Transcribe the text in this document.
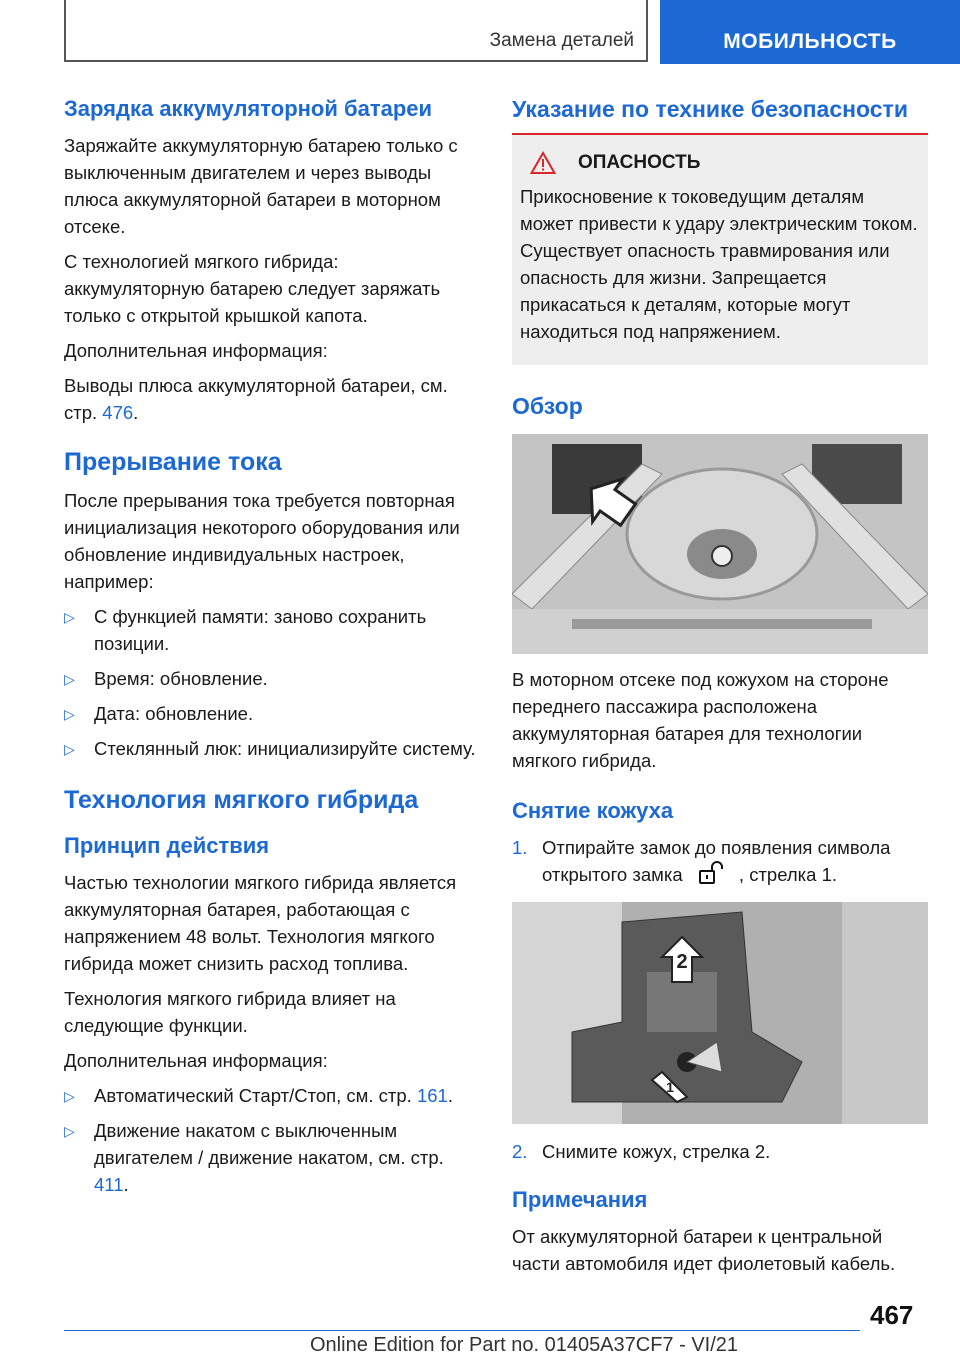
Замена деталей	МОБИЛЬНОСТЬ
Зарядка аккумуляторной батареи

Заряжайте аккумуляторную батарею только с выключенным двигателем и через выводы плюса аккумуляторной батареи в моторном отсеке.

С технологией мягкого гибрида: аккумуляторную батарею следует заряжать только с открытой крышкой капота.

Дополнительная информация:

Выводы плюса аккумуляторной батареи, см. стр. 476.

Прерывание тока

После прерывания тока требуется повторная инициализация некоторого оборудования или обновление индивидуальных настроек, например:

▷ С функцией памяти: заново сохранить позиции.
▷ Время: обновление.
▷ Дата: обновление.
▷ Стеклянный люк: инициализируйте систему.
Технология мягкого гибрида
Принцип действия

Частью технологии мягкого гибрида является аккумуляторная батарея, работающая с напряжением 48 вольт. Технология мягкого гибрида может снизить расход топлива.

Технология мягкого гибрида влияет на следующие функции.

Дополнительная информация:

▷ Автоматический Старт/Стоп, см. стр. 161.
▷ Движение накатом с выключенным двигателем / движение накатом, см. стр. 411.
Указание по технике безопасности
ОПАСНОСТЬ

Прикосновение к токоведущим деталям может привести к удару электрическим током. Существует опасность травмирования или опасность для жизни. Запрещается прикасаться к деталям, которые могут находиться под напряжением.

Обзор

В моторном отсеке под кожухом на стороне переднего пассажира расположена аккумуляторная батарея для технологии мягкого гибрида.

Снятие кожуха
1. Отпирайте замок до появления символа открытого замка	, стрелка 1.
2
1
2. Снимите кожух, стрелка 2.
Примечания

От аккумуляторной батареи к центральной части автомобиля идет фиолетовый кабель.

467
Online Edition for Part no. 01405A37CF7 - VI/21
